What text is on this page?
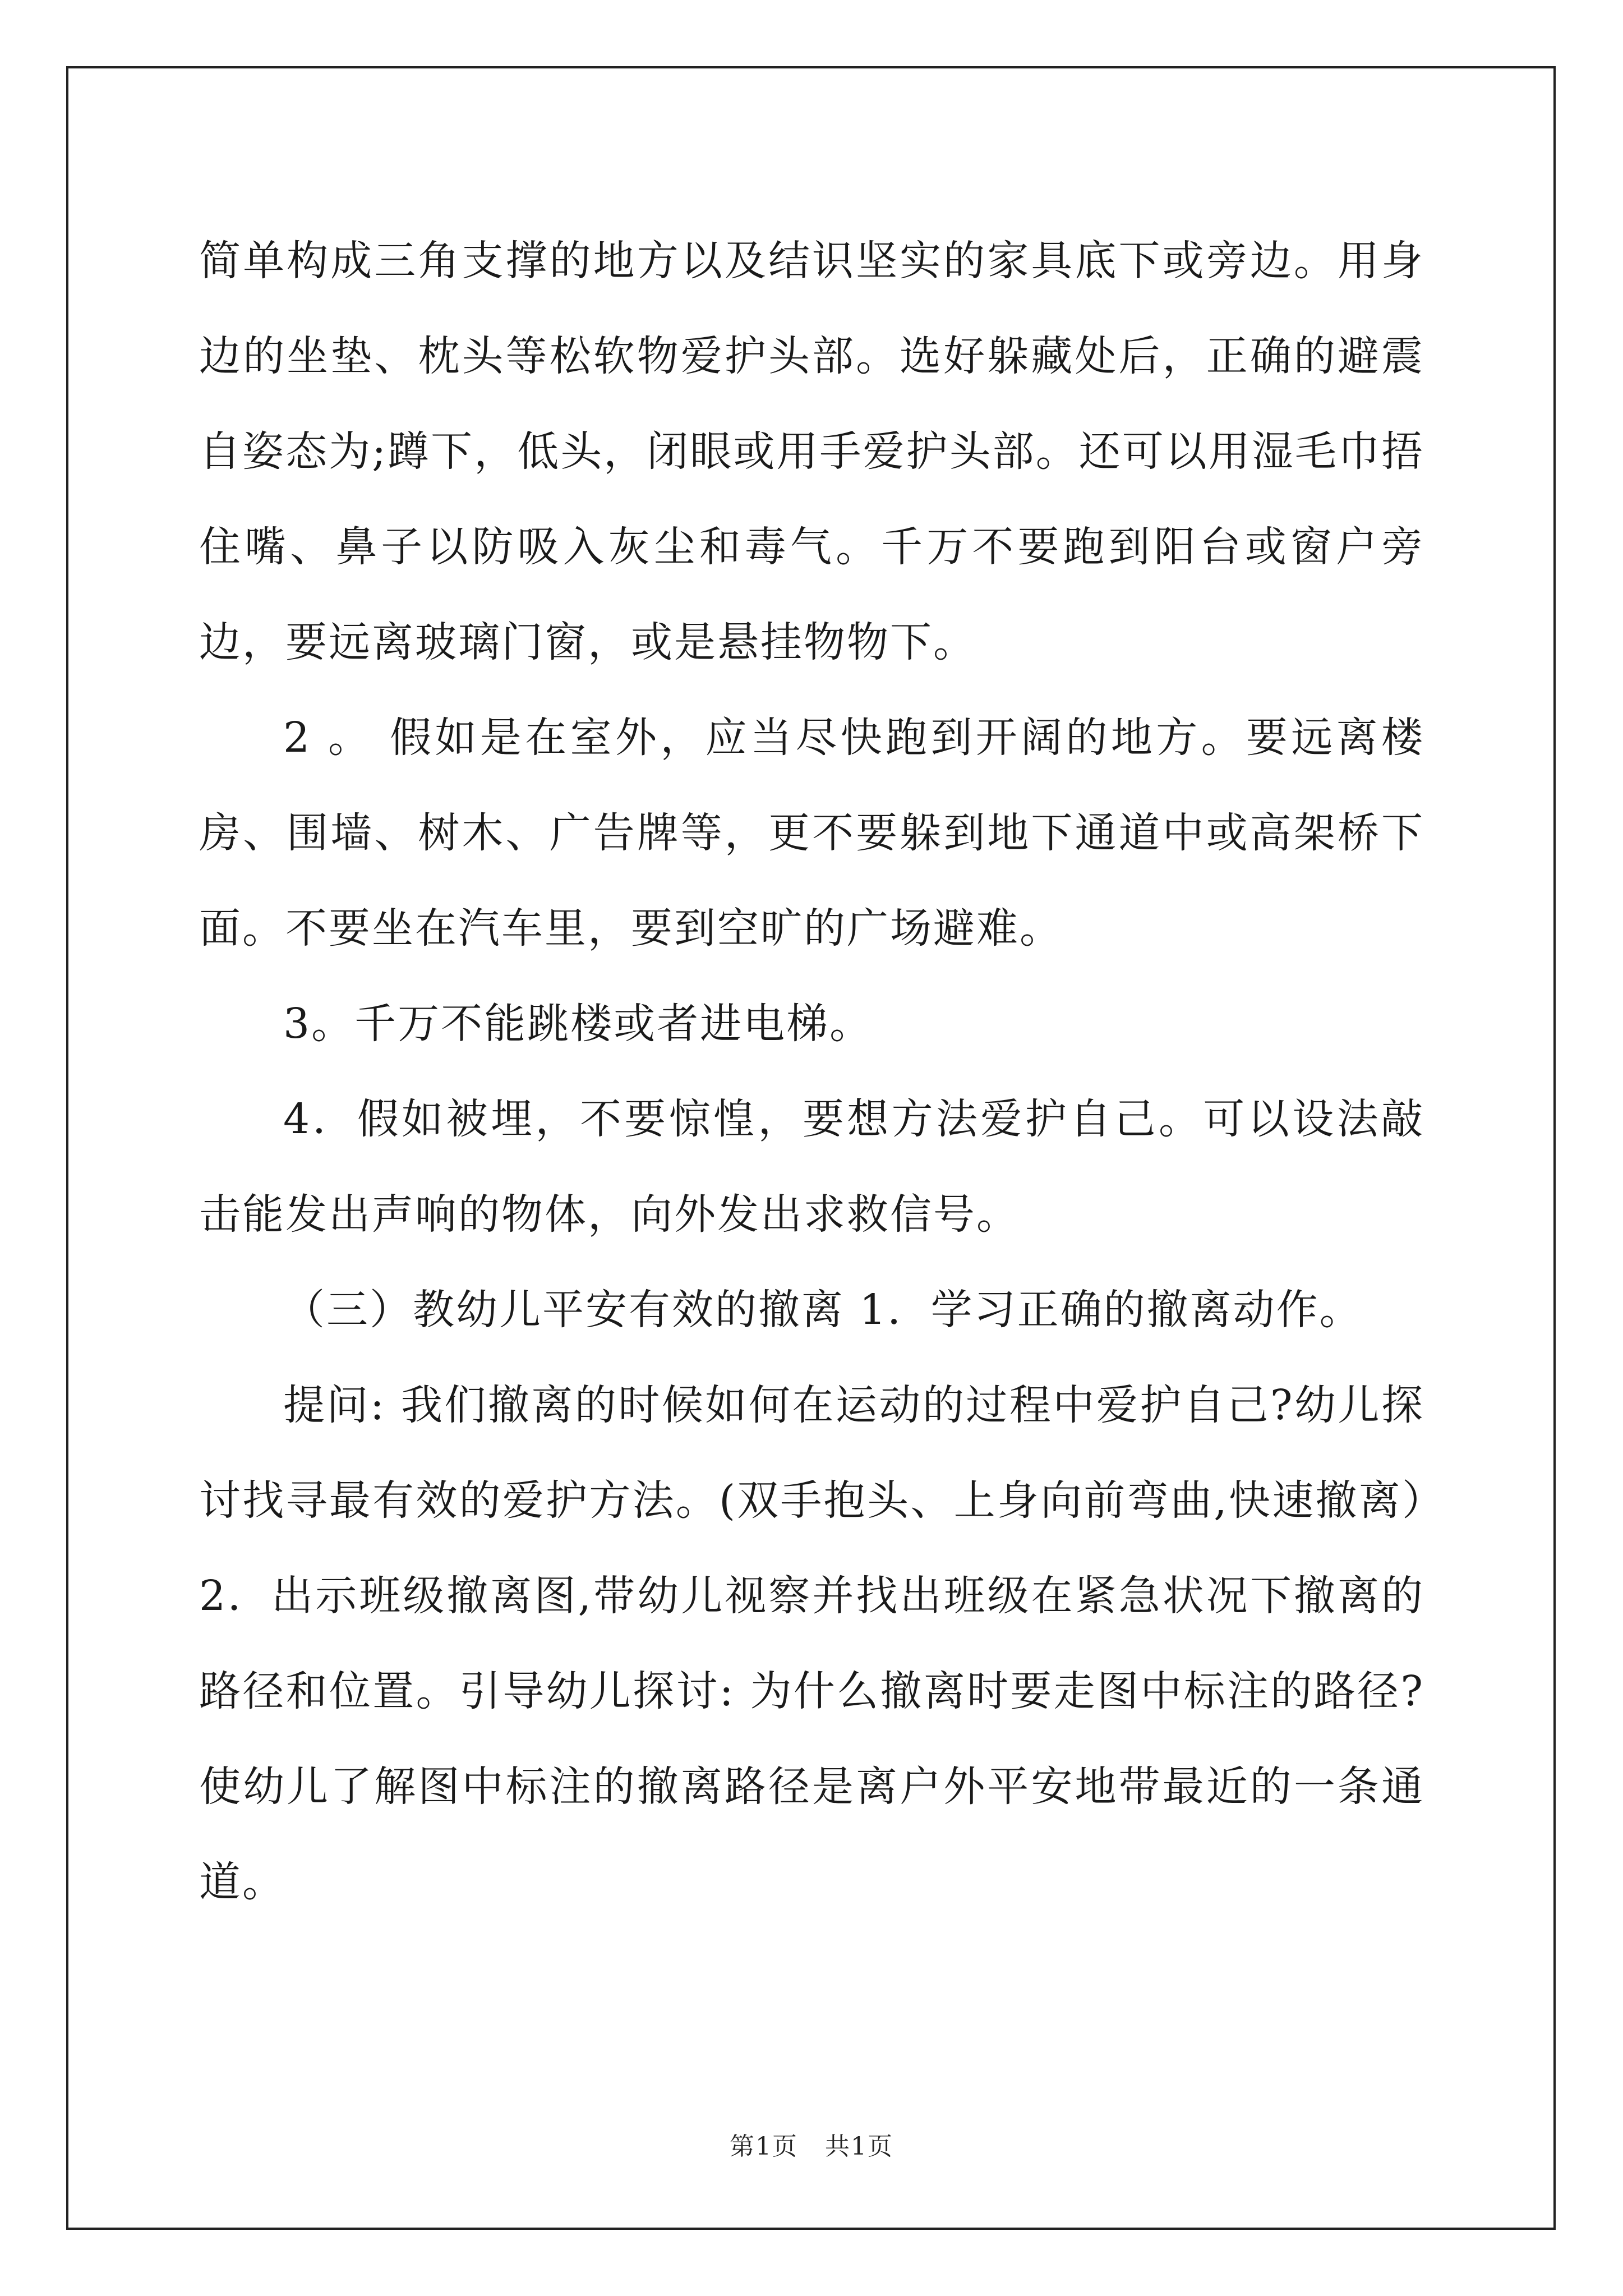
简单构成三角支撑的地方以及结识坚实的家具底下或旁边。用身边的坐垫、枕头等松软物爱护头部。选好躲藏处后，正确的避震自姿态为;蹲下，低头，闭眼或用手爱护头部。还可以用湿毛巾捂住嘴、鼻子以防吸入灰尘和毒气。千万不要跑到阳台或窗户旁边，要远离玻璃门窗，或是悬挂物物下。

2 。 假如是在室外，应当尽快跑到开阔的地方。要远离楼房、围墙、树木、广告牌等，更不要躲到地下通道中或高架桥下面。不要坐在汽车里，要到空旷的广场避难。

3。千万不能跳楼或者进电梯。

4．假如被埋，不要惊惶，要想方法爱护自己。可以设法敲击能发出声响的物体，向外发出求救信号。

（三）教幼儿平安有效的撤离 1．学习正确的撤离动作。

提问: 我们撤离的时候如何在运动的过程中爱护自己?幼儿探讨找寻最有效的爱护方法。(双手抱头、上身向前弯曲,快速撤离）2．出示班级撤离图,带幼儿视察并找出班级在紧急状况下撤离的路径和位置。引导幼儿探讨: 为什么撤离时要走图中标注的路径?使幼儿了解图中标注的撤离路径是离户外平安地带最近的一条通道。

第1页 共1页
